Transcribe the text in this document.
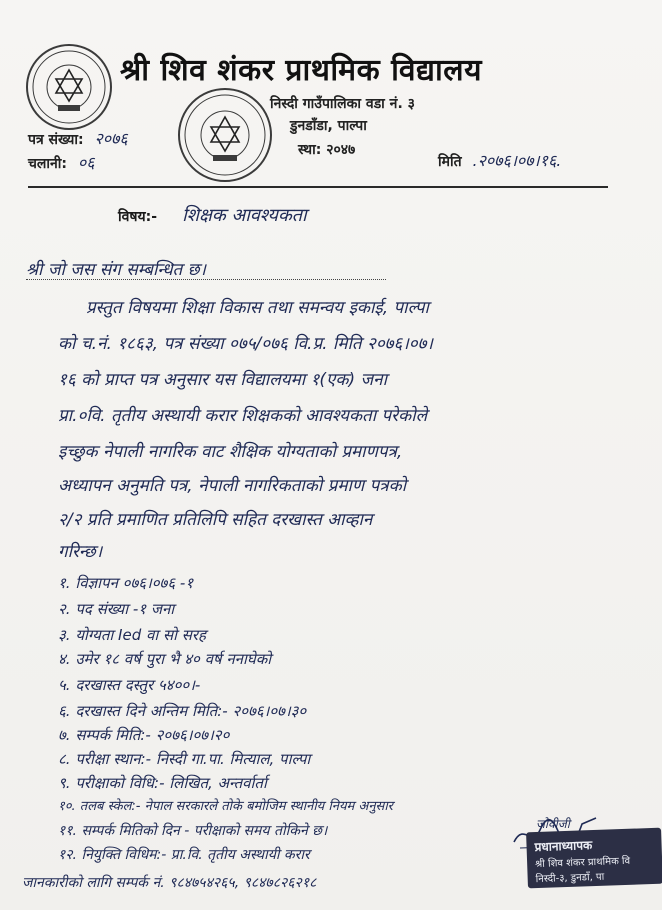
श्री शिव शंकर प्राथमिक विद्यालय
निस्दी गाउँपालिका वडा नं. ३
डुनडाँडा, पाल्पा
स्था: २०४७
पत्र संख्या: २०७६
चलानी: ०६	मिति .२०७६।०७।१६.
विषय:- शिक्षक आवश्यकता
श्री जो जस संग सम्बन्धित छ।
प्रस्तुत विषयमा शिक्षा विकास तथा समन्वय इकाई, पाल्पा
को च.नं. १८६३, पत्र संख्या ०७५/०७६ वि.प्र. मिति २०७६।०७।
१६ को प्राप्त पत्र अनुसार यस विद्यालयमा १(एक) जना
प्रा.०वि. तृतीय अस्थायी करार शिक्षकको आवश्यकता परेकोले
इच्छुक नेपाली नागरिक वाट शैक्षिक योग्यताको प्रमाणपत्र,
अध्यापन अनुमति पत्र, नेपाली नागरिकताको प्रमाण पत्रको
२/२ प्रति प्रमाणित प्रतिलिपि सहित दरखास्त आव्हान
गरिन्छ।
१. विज्ञापन ०७६।०७६ -१
२. पद संख्या -१ जना
३. योग्यता Ied वा सो सरह
४. उमेर १८ वर्ष पुरा भै ४० वर्ष ननाघेको
५. दरखास्त दस्तुर ५४००।-
६. दरखास्त दिने अन्तिम मिति:- २०७६।०७।३०
७. सम्पर्क मिति:- २०७६।०७।२०
८. परीक्षा स्थान:- निस्दी गा.पा. मित्याल, पाल्पा
९. परीक्षाको विधि:- लिखित, अन्तर्वार्ता
१०. तलब स्केल:- नेपाल सरकारले तोके बमोजिम स्थानीय नियम अनुसार
११. सम्पर्क मितिको दिन - परीक्षाको समय तोकिने छ।
१२. नियुक्ति विधिम:- प्रा.वि. तृतीय अस्थायी करार
जानकारीको लागि सम्पर्क नं. ९८४७५४२६५, ९८४७८२६२१८
जोवीजी
प्रधानाध्यापक
श्री शिव शंकर प्राथमिक वि
निस्दी-३, डुनडाँ, पा
